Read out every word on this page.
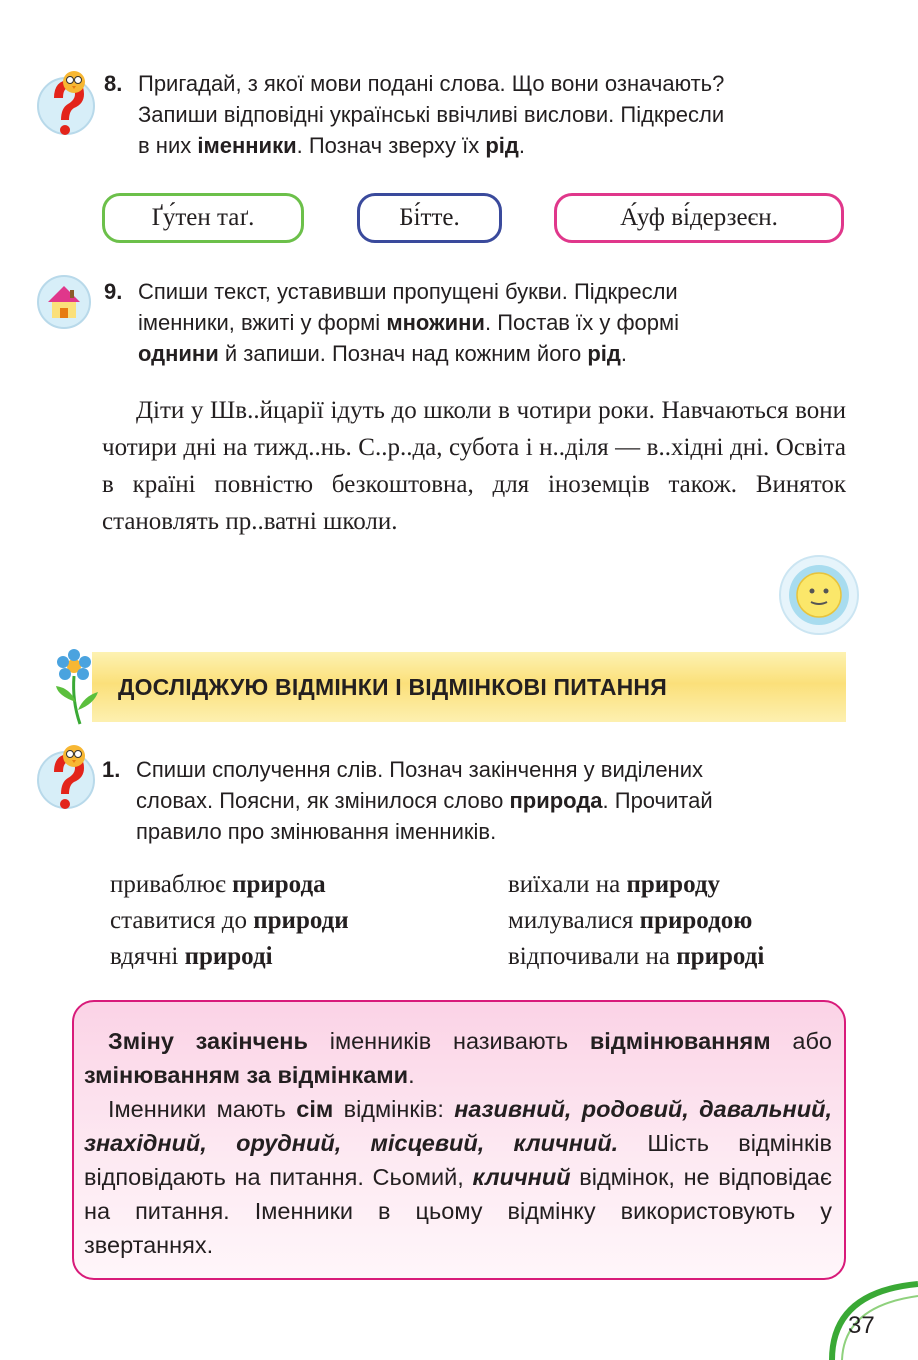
8. Пригадай, з якої мови подані слова. Що вони означають?
Запиши відповідні українські ввічливі вислови. Підкресли
в них іменники. Познач зверху їх рід.
Ґу́тен таґ.	Бі́тте.	А́уф ві́дерзеєн.
9. Спиши текст, уставивши пропущені букви. Підкресли
іменники, вжиті у формі множини. Постав їх у формі
однини й запиши. Познач над кожним його рід.

Діти у Шв..йцарії ідуть до школи в чотири роки. Навчаються вони чотири дні на тижд..нь. С..р..да, субота і н..діля — в..хідні дні. Освіта в країні повністю безкоштовна, для іноземців також. Виняток становлять пр..ватні школи.

ДОСЛІДЖУЮ ВІДМІНКИ І ВІДМІНКОВІ ПИТАННЯ
1. Спиши сполучення слів. Познач закінчення у виділених
словах. Поясни, як змінилося слово природа. Прочитай
правило про змінювання іменників.
приваблює природа
ставитися до природи
вдячні природі
виїхали на природу
милувалися природою
відпочивали на природі

Зміну закінчень іменників називають відмінюванням або змінюванням за відмінками.

Іменники мають сім відмінків: називний, родовий, давальний, знахідний, орудний, місцевий, кличний. Шість відмінків відповідають на питання. Сьомий, кличний відмінок, не відповідає на питання. Іменники в цьому відмінку використовують у звертаннях.

37
